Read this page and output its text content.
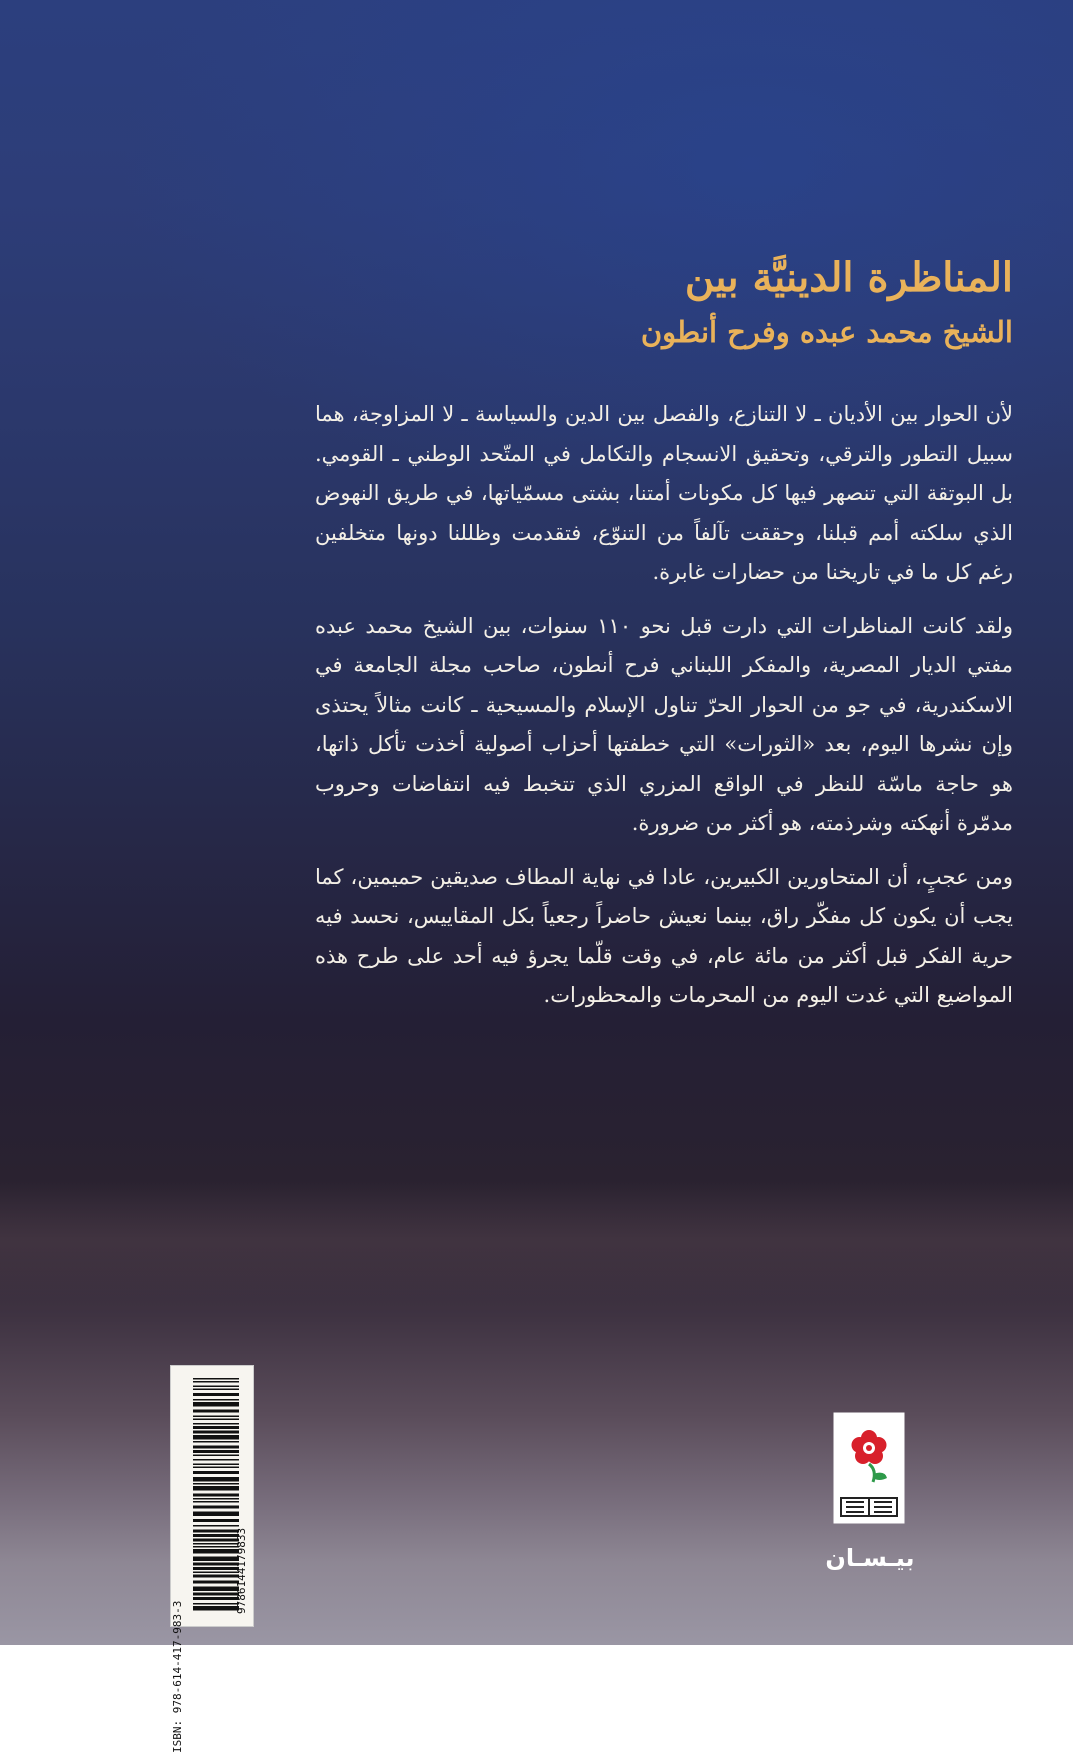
المناظرة الدينيَّة بين
الشيخ محمد عبده وفرح أنطون

لأن الحوار بين الأديان ـ لا التنازع، والفصل بين الدين والسياسة ـ لا المزاوجة، هما سبيل التطور والترقي، وتحقيق الانسجام والتكامل في المتّحد الوطني ـ القومي. بل البوتقة التي تنصهر فيها كل مكونات أمتنا، بشتى مسمّياتها، في طريق النهوض الذي سلكته أمم قبلنا، وحققت تآلفاً من التنوّع، فتقدمت وظللنا دونها متخلفين رغم كل ما في تاريخنا من حضارات غابرة.

ولقد كانت المناظرات التي دارت قبل نحو ١١٠ سنوات، بين الشيخ محمد عبده مفتي الديار المصرية، والمفكر اللبناني فرح أنطون، صاحب مجلة الجامعة في الاسكندرية، في جو من الحوار الحرّ تناول الإسلام والمسيحية ـ كانت مثالاً يحتذى وإن نشرها اليوم، بعد «الثورات» التي خطفتها أحزاب أصولية أخذت تأكل ذاتها، هو حاجة ماسّة للنظر في الواقع المزري الذي تتخبط فيه انتفاضات وحروب مدمّرة أنهكته وشرذمته، هو أكثر من ضرورة.

ومن عجبٍ، أن المتحاورين الكبيرين، عادا في نهاية المطاف صديقين حميمين، كما يجب أن يكون كل مفكّر راق، بينما نعيش حاضراً رجعياً بكل المقاييس، نحسد فيه حرية الفكر قبل أكثر من مائة عام، في وقت قلّما يجرؤ فيه أحد على طرح هذه المواضيع التي غدت اليوم من المحرمات والمحظورات.

9786144179833
ISBN: 978-614-417-983-3
بيـسـان
